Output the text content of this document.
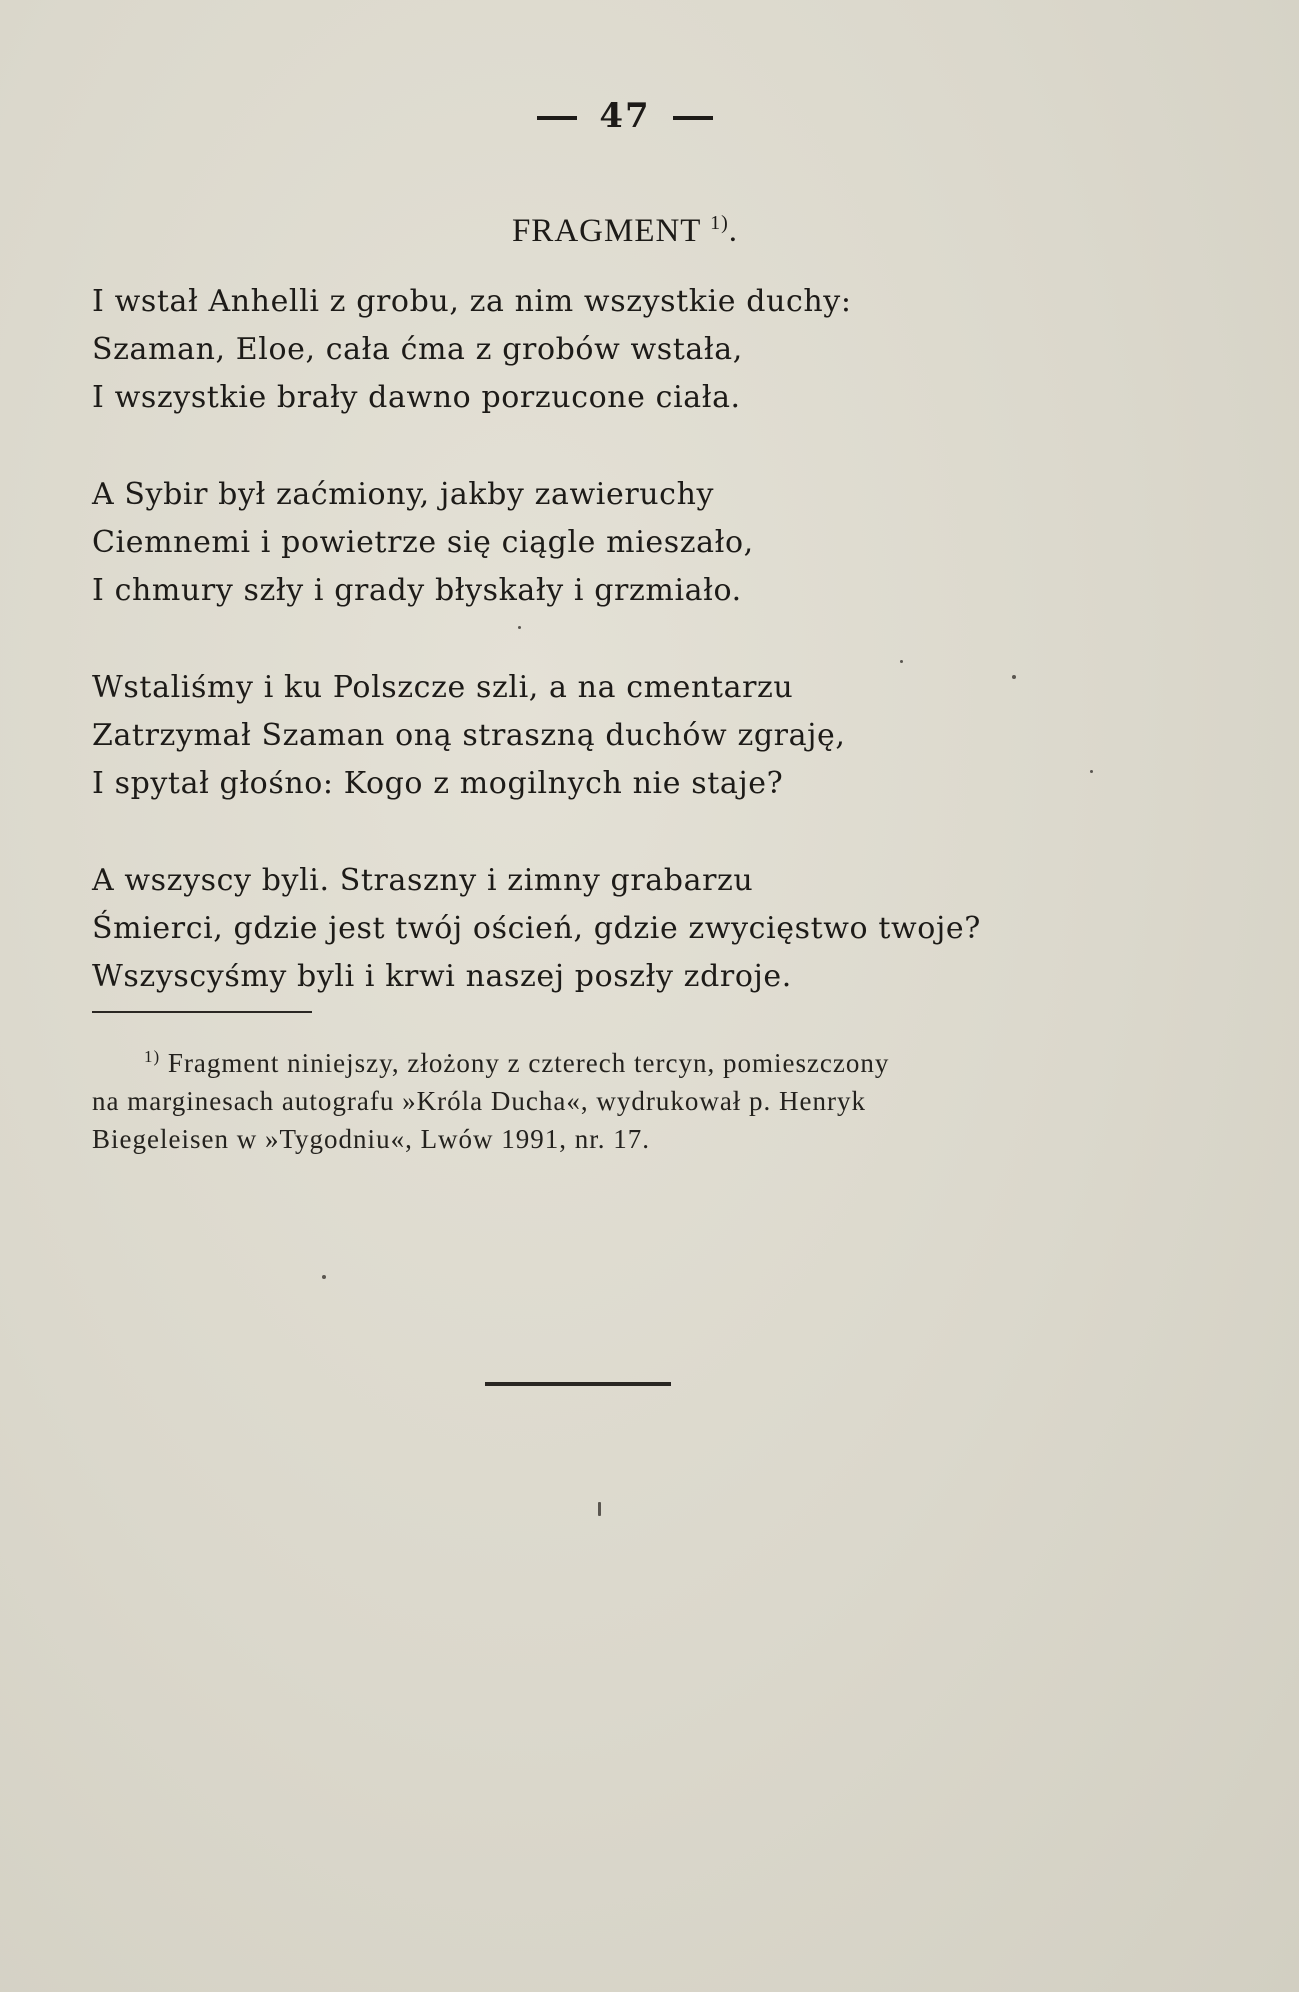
47
FRAGMENT $^{1)}$.
I wstał Anhelli z grobu, za nim wszystkie duchy:
Szaman, Eloe, cała ćma z grobów wstała,
I wszystkie brały dawno porzucone ciała.
A Sybir był zaćmiony, jakby zawieruchy
Ciemnemi i powietrze się ciągle mieszało,
I chmury szły i grady błyskały i grzmiało.
Wstaliśmy i ku Polszcze szli, a na cmentarzu
Zatrzymał Szaman oną straszną duchów zgraję,
I spytał głośno: Kogo z mogilnych nie staje?
A wszyscy byli. Straszny i zimny grabarzu
Śmierci, gdzie jest twój oścień, gdzie zwycięstwo twoje?
Wszyscyśmy byli i krwi naszej poszły zdroje.
$^{1)}$ Fragment niniejszy, złożony z czterech tercyn, pomieszczony
na marginesach autografu »Króla Ducha«, wydrukował p. Henryk
Biegeleisen w »Tygodniu«, Lwów 1991, nr. 17.
